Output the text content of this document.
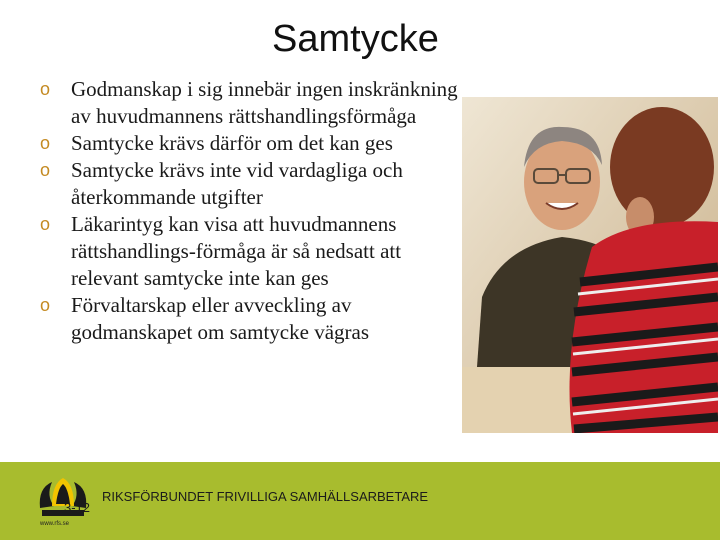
Samtycke
o Godmanskap i sig innebär ingen inskränkning av huvudmannens rättshandlingsförmåga
o Samtycke krävs därför om det kan ges
o Samtycke krävs inte vid vardagliga och återkommande utgifter
o Läkarintyg kan visa att huvudmannens rättshandlings-förmåga är så nedsatt att relevant samtycke inte kan ges
o Förvaltarskap eller avveckling av godmanskapet om samtycke vägras
www.rfs.se
3-12
RIKSFÖRBUNDET FRIVILLIGA SAMHÄLLSARBETARE
